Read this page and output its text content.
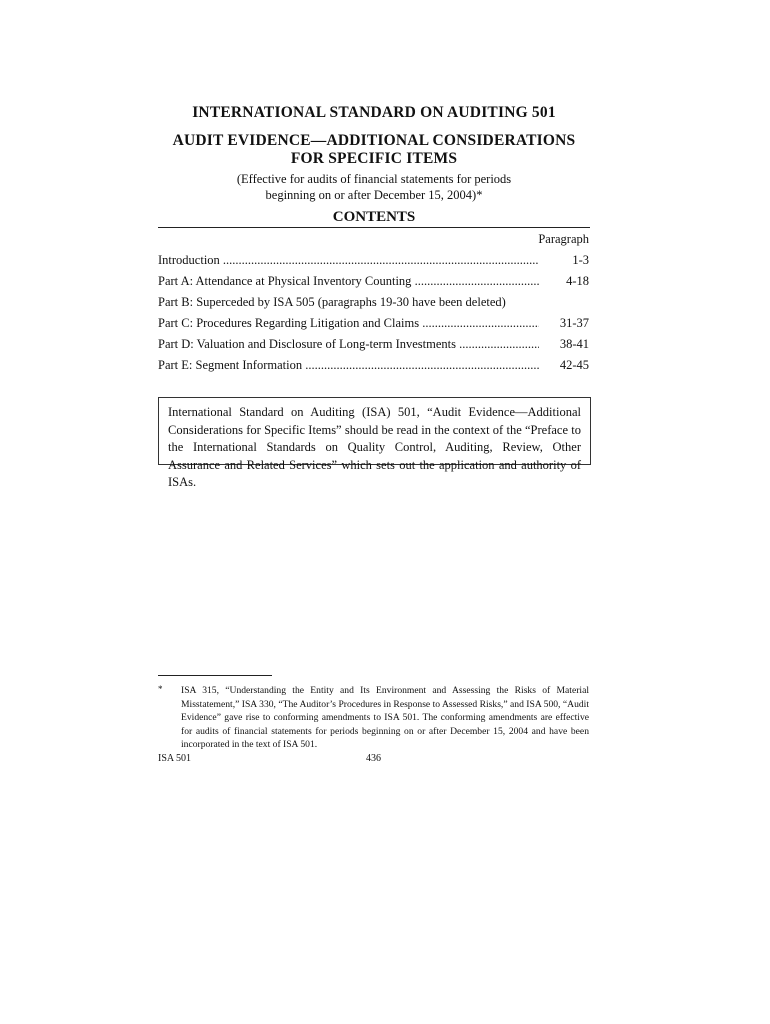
INTERNATIONAL STANDARD ON AUDITING 501
AUDIT EVIDENCE—ADDITIONAL CONSIDERATIONS
FOR SPECIFIC ITEMS
(Effective for audits of financial statements for periods
beginning on or after December 15, 2004)*
CONTENTS
Paragraph
Introduction .....	1-3
Part A: Attendance at Physical Inventory Counting .....	4-18
Part B: Superceded by ISA 505 (paragraphs 19-30 have been deleted)
Part C: Procedures Regarding Litigation and Claims .....	31-37
Part D: Valuation and Disclosure of Long-term Investments .....	38-41
Part E: Segment Information .....	42-45
International Standard on Auditing (ISA) 501, “Audit Evidence—Additional Considerations for Specific Items” should be read in the context of the “Preface to the International Standards on Quality Control, Auditing, Review, Other Assurance and Related Services” which sets out the application and authority of ISAs.
* ISA 315, “Understanding the Entity and Its Environment and Assessing the Risks of Material Misstatement,” ISA 330, “The Auditor’s Procedures in Response to Assessed Risks,” and ISA 500, “Audit Evidence” gave rise to conforming amendments to ISA 501. The conforming amendments are effective for audits of financial statements for periods beginning on or after December 15, 2004 and have been incorporated in the text of ISA 501.
ISA 501	436
